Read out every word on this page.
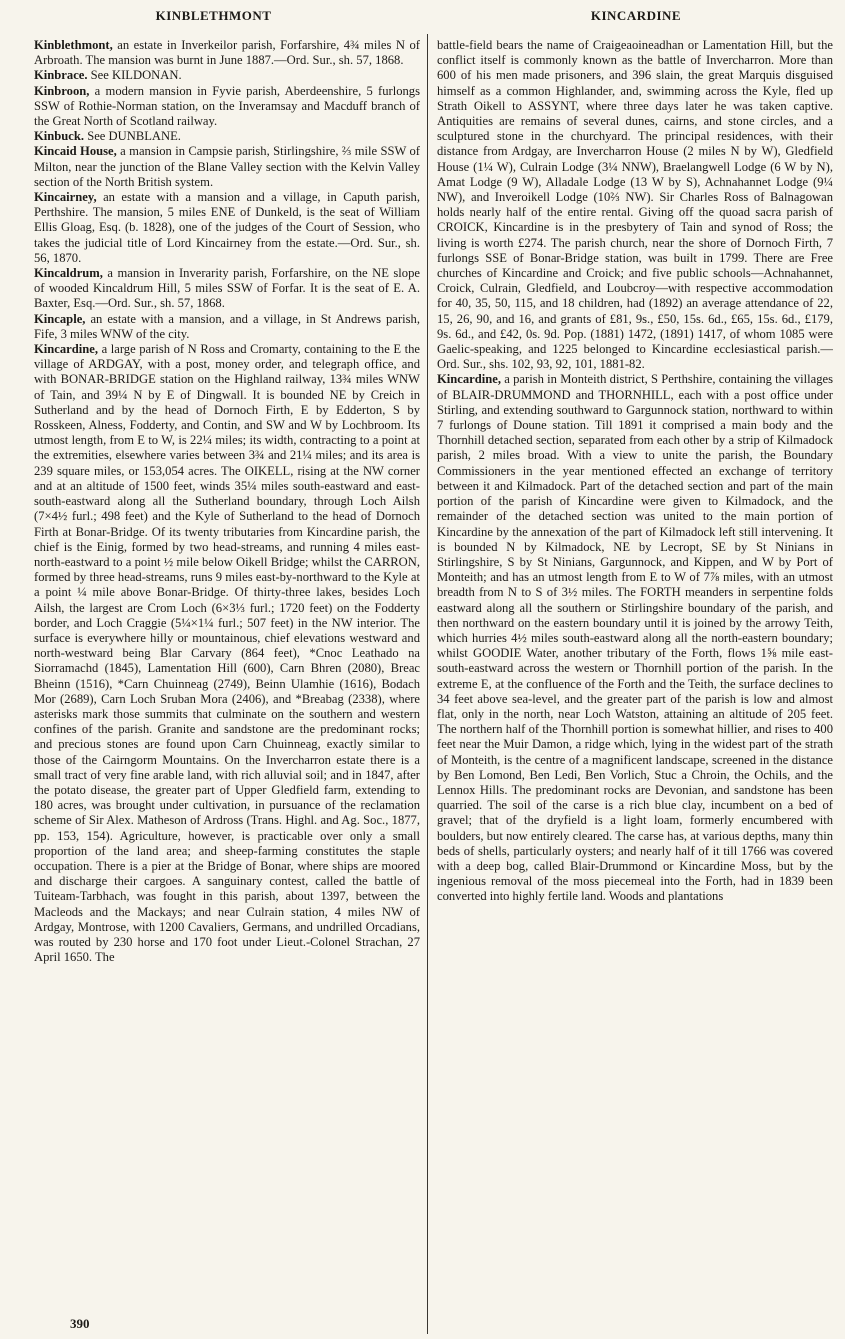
KINBLETHMONT	KINCARDINE

Kinblethmont, an estate in Inverkeilor parish, Forfarshire, 4¾ miles N of Arbroath. The mansion was burnt in June 1887.—Ord. Sur., sh. 57, 1868.

Kinbrace. See KILDONAN.

Kinbroon, a modern mansion in Fyvie parish, Aberdeenshire, 5 furlongs SSW of Rothie-Norman station, on the Inveramsay and Macduff branch of the Great North of Scotland railway.

Kinbuck. See DUNBLANE.

Kincaid House, a mansion in Campsie parish, Stirlingshire, ⅔ mile SSW of Milton, near the junction of the Blane Valley section with the Kelvin Valley section of the North British system.

Kincairney, an estate with a mansion and a village, in Caputh parish, Perthshire. The mansion, 5 miles ENE of Dunkeld, is the seat of William Ellis Gloag, Esq. (b. 1828), one of the judges of the Court of Session, who takes the judicial title of Lord Kincairney from the estate.—Ord. Sur., sh. 56, 1870.

Kincaldrum, a mansion in Inverarity parish, Forfarshire, on the NE slope of wooded Kincaldrum Hill, 5 miles SSW of Forfar. It is the seat of E. A. Baxter, Esq.—Ord. Sur., sh. 57, 1868.

Kincaple, an estate with a mansion, and a village, in St Andrews parish, Fife, 3 miles WNW of the city.

Kincardine, a large parish of N Ross and Cromarty, containing to the E the village of ARDGAY, with a post, money order, and telegraph office, and with BONAR-BRIDGE station on the Highland railway, 13¾ miles WNW of Tain, and 39¼ N by E of Dingwall. It is bounded NE by Creich in Sutherland and by the head of Dornoch Firth, E by Edderton, S by Rosskeen, Alness, Fodderty, and Contin, and SW and W by Lochbroom. Its utmost length, from E to W, is 22¼ miles; its width, contracting to a point at the extremities, elsewhere varies between 3¾ and 21¼ miles; and its area is 239 square miles, or 153,054 acres. The OIKELL, rising at the NW corner and at an altitude of 1500 feet, winds 35¼ miles south-eastward and east-south-eastward along all the Sutherland boundary, through Loch Ailsh (7×4½ furl.; 498 feet) and the Kyle of Sutherland to the head of Dornoch Firth at Bonar-Bridge. Of its twenty tributaries from Kincardine parish, the chief is the Einig, formed by two head-streams, and running 4 miles east-north-eastward to a point ½ mile below Oikell Bridge; whilst the CARRON, formed by three head-streams, runs 9 miles east-by-northward to the Kyle at a point ¼ mile above Bonar-Bridge. Of thirty-three lakes, besides Loch Ailsh, the largest are Crom Loch (6×3⅓ furl.; 1720 feet) on the Fodderty border, and Loch Craggie (5¼×1¼ furl.; 507 feet) in the NW interior. The surface is everywhere hilly or mountainous, chief elevations westward and north-westward being Blar Carvary (864 feet), *Cnoc Leathado na Siorramachd (1845), Lamentation Hill (600), Carn Bhren (2080), Breac Bheinn (1516), *Carn Chuinneag (2749), Beinn Ulamhie (1616), Bodach Mor (2689), Carn Loch Sruban Mora (2406), and *Breabag (2338), where asterisks mark those summits that culminate on the southern and western confines of the parish. Granite and sandstone are the predominant rocks; and precious stones are found upon Carn Chuinneag, exactly similar to those of the Cairngorm Mountains. On the Invercharron estate there is a small tract of very fine arable land, with rich alluvial soil; and in 1847, after the potato disease, the greater part of Upper Gledfield farm, extending to 180 acres, was brought under cultivation, in pursuance of the reclamation scheme of Sir Alex. Matheson of Ardross (Trans. Highl. and Ag. Soc., 1877, pp. 153, 154). Agriculture, however, is practicable over only a small proportion of the land area; and sheep-farming constitutes the staple occupation. There is a pier at the Bridge of Bonar, where ships are moored and discharge their cargoes. A sanguinary contest, called the battle of Tuiteam-Tarbhach, was fought in this parish, about 1397, between the Macleods and the Mackays; and near Culrain station, 4 miles NW of Ardgay, Montrose, with 1200 Cavaliers, Germans, and undrilled Orcadians, was routed by 230 horse and 170 foot under Lieut.-Colonel Strachan, 27 April 1650. The

battle-field bears the name of Craigeaoineadhan or Lamentation Hill, but the conflict itself is commonly known as the battle of Invercharron. More than 600 of his men made prisoners, and 396 slain, the great Marquis disguised himself as a common Highlander, and, swimming across the Kyle, fled up Strath Oikell to ASSYNT, where three days later he was taken captive. Antiquities are remains of several dunes, cairns, and stone circles, and a sculptured stone in the churchyard. The principal residences, with their distance from Ardgay, are Invercharron House (2 miles N by W), Gledfield House (1¼ W), Culrain Lodge (3¼ NNW), Braelangwell Lodge (6 W by N), Amat Lodge (9 W), Alladale Lodge (13 W by S), Achnahannet Lodge (9¼ NW), and Inveroikell Lodge (10⅔ NW). Sir Charles Ross of Balnagowan holds nearly half of the entire rental. Giving off the quoad sacra parish of CROICK, Kincardine is in the presbytery of Tain and synod of Ross; the living is worth £274. The parish church, near the shore of Dornoch Firth, 7 furlongs SSE of Bonar-Bridge station, was built in 1799. There are Free churches of Kincardine and Croick; and five public schools—Achnahannet, Croick, Culrain, Gledfield, and Loubcroy—with respective accommodation for 40, 35, 50, 115, and 18 children, had (1892) an average attendance of 22, 15, 26, 90, and 16, and grants of £81, 9s., £50, 15s. 6d., £65, 15s. 6d., £179, 9s. 6d., and £42, 0s. 9d. Pop. (1881) 1472, (1891) 1417, of whom 1085 were Gaelic-speaking, and 1225 belonged to Kincardine ecclesiastical parish.—Ord. Sur., shs. 102, 93, 92, 101, 1881-82.

Kincardine, a parish in Monteith district, S Perthshire, containing the villages of BLAIR-DRUMMOND and THORNHILL, each with a post office under Stirling, and extending southward to Gargunnock station, northward to within 7 furlongs of Doune station. Till 1891 it comprised a main body and the Thornhill detached section, separated from each other by a strip of Kilmadock parish, 2 miles broad. With a view to unite the parish, the Boundary Commissioners in the year mentioned effected an exchange of territory between it and Kilmadock. Part of the detached section and part of the main portion of the parish of Kincardine were given to Kilmadock, and the remainder of the detached section was united to the main portion of Kincardine by the annexation of the part of Kilmadock left still intervening. It is bounded N by Kilmadock, NE by Lecropt, SE by St Ninians in Stirlingshire, S by St Ninians, Gargunnock, and Kippen, and W by Port of Monteith; and has an utmost length from E to W of 7⅞ miles, with an utmost breadth from N to S of 3½ miles. The FORTH meanders in serpentine folds eastward along all the southern or Stirlingshire boundary of the parish, and then northward on the eastern boundary until it is joined by the arrowy Teith, which hurries 4½ miles south-eastward along all the north-eastern boundary; whilst GOODIE Water, another tributary of the Forth, flows 1⅝ mile east-south-eastward across the western or Thornhill portion of the parish. In the extreme E, at the confluence of the Forth and the Teith, the surface declines to 34 feet above sea-level, and the greater part of the parish is low and almost flat, only in the north, near Loch Watston, attaining an altitude of 205 feet. The northern half of the Thornhill portion is somewhat hillier, and rises to 400 feet near the Muir Damon, a ridge which, lying in the widest part of the strath of Monteith, is the centre of a magnificent landscape, screened in the distance by Ben Lomond, Ben Ledi, Ben Vorlich, Stuc a Chroin, the Ochils, and the Lennox Hills. The predominant rocks are Devonian, and sandstone has been quarried. The soil of the carse is a rich blue clay, incumbent on a bed of gravel; that of the dryfield is a light loam, formerly encumbered with boulders, but now entirely cleared. The carse has, at various depths, many thin beds of shells, particularly oysters; and nearly half of it till 1766 was covered with a deep bog, called Blair-Drummond or Kincardine Moss, but by the ingenious removal of the moss piecemeal into the Forth, had in 1839 been converted into highly fertile land. Woods and plantations

390
